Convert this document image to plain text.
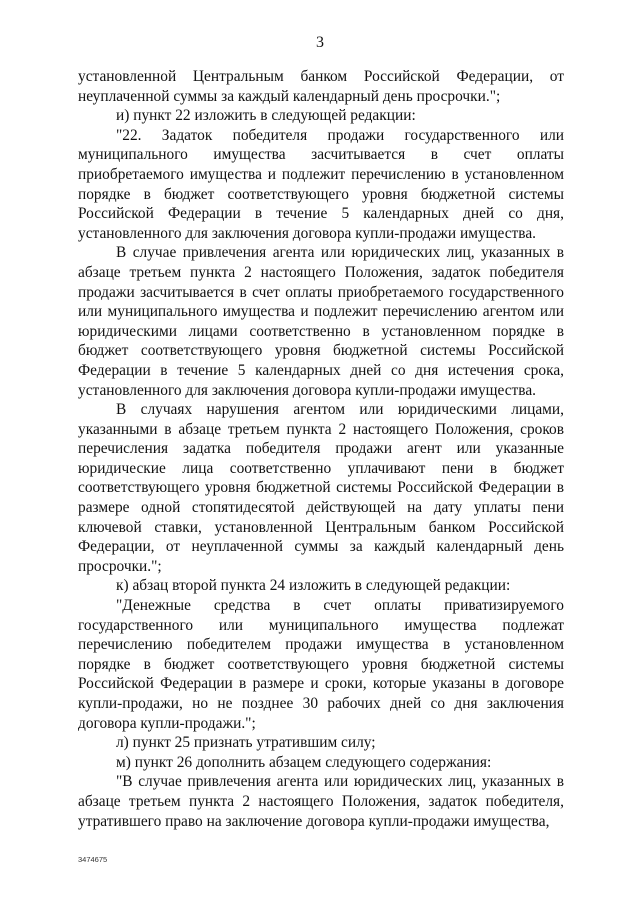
3

установленной Центральным банком Российской Федерации, от неуплаченной суммы за каждый календарный день просрочки.";

и) пункт 22 изложить в следующей редакции:

"22. Задаток победителя продажи государственного или муниципального имущества засчитывается в счет оплаты приобретаемого имущества и подлежит перечислению в установленном порядке в бюджет соответствующего уровня бюджетной системы Российской Федерации в течение 5 календарных дней со дня, установленного для заключения договора купли-продажи имущества.

В случае привлечения агента или юридических лиц, указанных в абзаце третьем пункта 2 настоящего Положения, задаток победителя продажи засчитывается в счет оплаты приобретаемого государственного или муниципального имущества и подлежит перечислению агентом или юридическими лицами соответственно в установленном порядке в бюджет соответствующего уровня бюджетной системы Российской Федерации в течение 5 календарных дней со дня истечения срока, установленного для заключения договора купли-продажи имущества.

В случаях нарушения агентом или юридическими лицами, указанными в абзаце третьем пункта 2 настоящего Положения, сроков перечисления задатка победителя продажи агент или указанные юридические лица соответственно уплачивают пени в бюджет соответствующего уровня бюджетной системы Российской Федерации в размере одной стопятидесятой действующей на дату уплаты пени ключевой ставки, установленной Центральным банком Российской Федерации, от неуплаченной суммы за каждый календарный день просрочки.";

к) абзац второй пункта 24 изложить в следующей редакции:

"Денежные средства в счет оплаты приватизируемого государственного или муниципального имущества подлежат перечислению победителем продажи имущества в установленном порядке в бюджет соответствующего уровня бюджетной системы Российской Федерации в размере и сроки, которые указаны в договоре купли-продажи, но не позднее 30 рабочих дней со дня заключения договора купли-продажи.";

л) пункт 25 признать утратившим силу;

м) пункт 26 дополнить абзацем следующего содержания:

"В случае привлечения агента или юридических лиц, указанных в абзаце третьем пункта 2 настоящего Положения, задаток победителя, утратившего право на заключение договора купли-продажи имущества,

3474675
